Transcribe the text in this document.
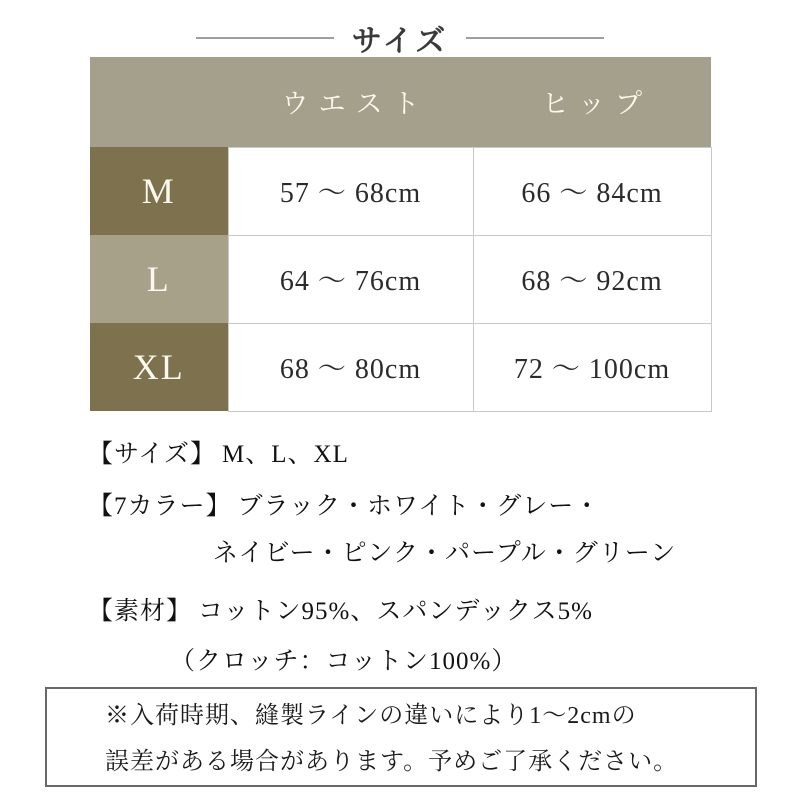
サイズ
	ウエスト	ヒップ
M	57 〜 68cm	66 〜 84cm
L	64 〜 76cm	68 〜 92cm
XL	68 〜 80cm	72 〜 100cm
【サイズ】 M、L、XL
【7カラー】 ブラック・ホワイト・グレー・
ネイビー・ピンク・パープル・グリーン
【素材】 コットン95%、スパンデックス5%
（クロッチ：コットン100%）
※入荷時期、縫製ラインの違いにより1〜2cmの
誤差がある場合があります。予めご了承ください。
